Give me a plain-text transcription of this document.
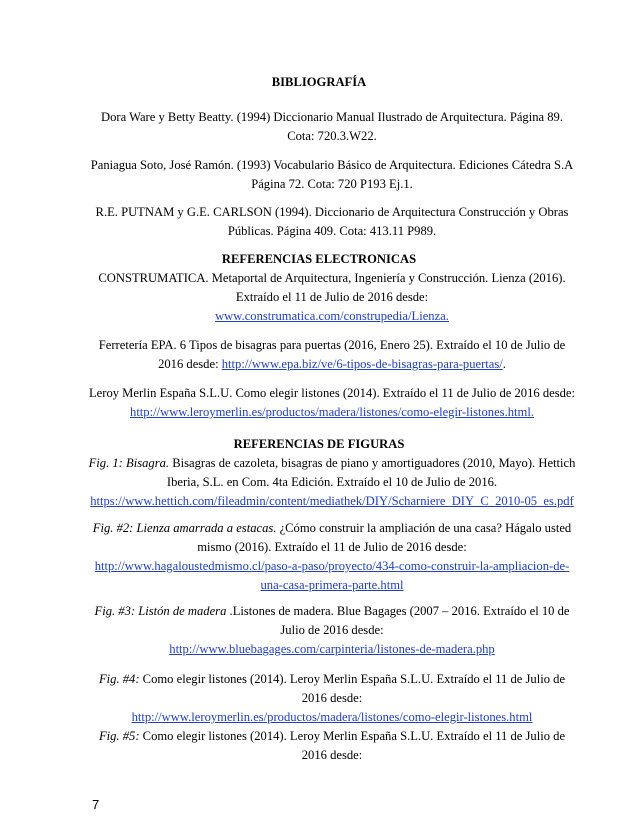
BIBLIOGRAFÍA
Dora Ware y Betty Beatty. (1994) Diccionario Manual Ilustrado de Arquitectura. Página 89.
Cota: 720.3.W22.
Paniagua Soto, José Ramón. (1993) Vocabulario Básico de Arquitectura. Ediciones Cátedra S.A
Página 72. Cota: 720 P193 Ej.1.
R.E. PUTNAM y G.E. CARLSON (1994). Diccionario de Arquitectura Construcción y Obras
Públicas. Página 409. Cota: 413.11 P989.
REFERENCIAS ELECTRONICAS
CONSTRUMATICA. Metaportal de Arquitectura, Ingeniería y Construcción. Lienza (2016).
Extraído el 11 de Julio de 2016 desde:
www.construmatica.com/construpedia/Lienza.
Ferretería EPA. 6 Tipos de bisagras para puertas (2016, Enero 25). Extraído el 10 de Julio de
2016 desde: http://www.epa.biz/ve/6-tipos-de-bisagras-para-puertas/.
Leroy Merlin España S.L.U. Como elegir listones (2014). Extraído el 11 de Julio de 2016 desde:
http://www.leroymerlin.es/productos/madera/listones/como-elegir-listones.html.
REFERENCIAS DE FIGURAS
Fig. 1: Bisagra. Bisagras de cazoleta, bisagras de piano y amortiguadores (2010, Mayo). Hettich
Iberia, S.L. en Com. 4ta Edición. Extraído el 10 de Julio de 2016.
https://www.hettich.com/fileadmin/content/mediathek/DIY/Scharniere_DIY_C_2010-05_es.pdf
Fig. #2: Lienza amarrada a estacas. ¿Cómo construir la ampliación de una casa? Hágalo usted
mismo (2016). Extraído el 11 de Julio de 2016 desde:
http://www.hagaloustedmismo.cl/paso-a-paso/proyecto/434-como-construir-la-ampliacion-de-
una-casa-primera-parte.html
Fig. #3: Listón de madera .Listones de madera. Blue Bagages (2007 – 2016. Extraído el 10 de
Julio de 2016 desde:
http://www.bluebagages.com/carpinteria/listones-de-madera.php
Fig. #4: Como elegir listones (2014). Leroy Merlin España S.L.U. Extraído el 11 de Julio de
2016 desde:
http://www.leroymerlin.es/productos/madera/listones/como-elegir-listones.html
Fig. #5: Como elegir listones (2014). Leroy Merlin España S.L.U. Extraído el 11 de Julio de
2016 desde:
7
